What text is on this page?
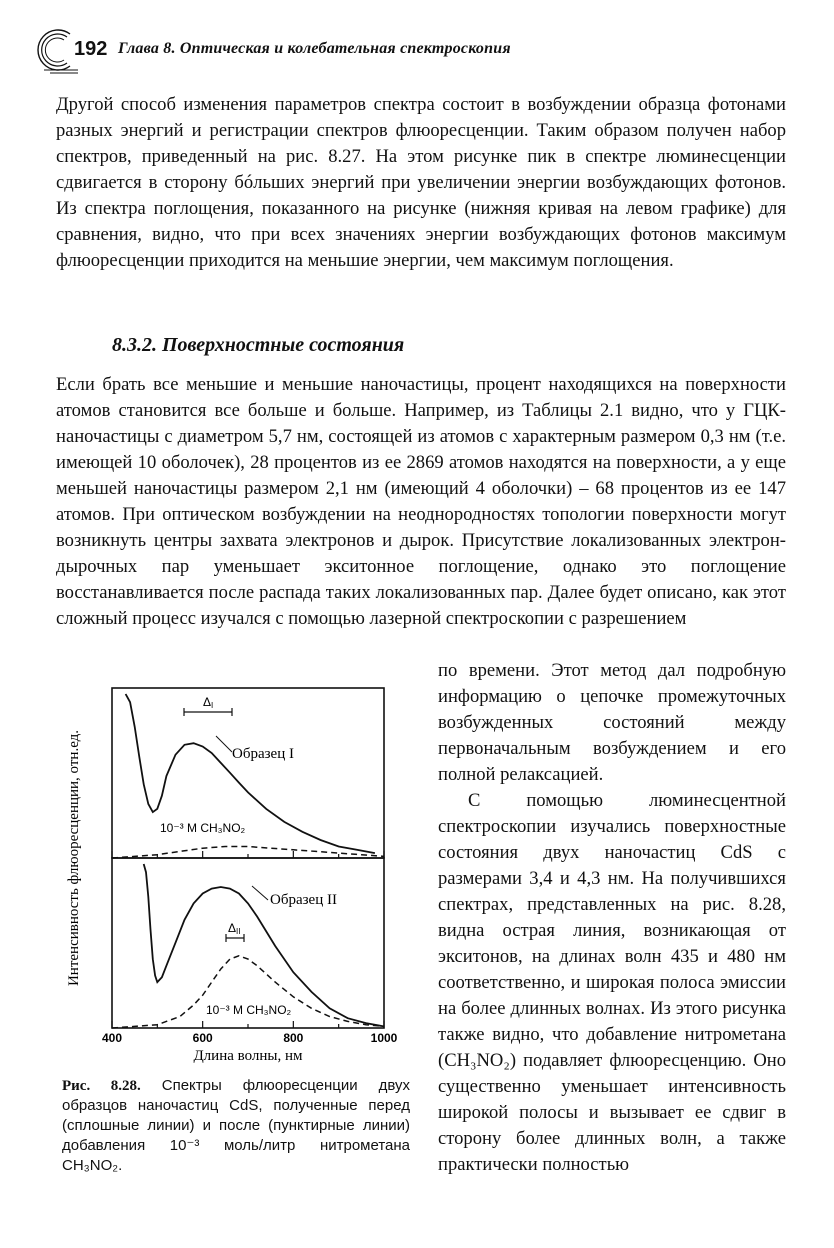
192 Глава 8. Оптическая и колебательная спектроскопия
Другой способ изменения параметров спектра состоит в возбуждении образца фотонами разных энергий и регистрации спектров флюоресценции. Таким образом получен набор спектров, приведенный на рис. 8.27. На этом рисунке пик в спектре люминесценции сдвигается в сторону бóльших энергий при увеличении энергии возбуждающих фотонов. Из спектра поглощения, показанного на рисунке (нижняя кривая на левом графике) для сравнения, видно, что при всех значениях энергии возбуждающих фотонов максимум флюоресценции приходится на меньшие энергии, чем максимум поглощения.
8.3.2. Поверхностные состояния
Если брать все меньшие и меньшие наночастицы, процент находящихся на поверхности атомов становится все больше и больше. Например, из Таблицы 2.1 видно, что у ГЦК-наночастицы с диаметром 5,7 нм, состоящей из атомов с характерным размером 0,3 нм (т.е. имеющей 10 оболочек), 28 процентов из ее 2869 атомов находятся на поверхности, а у еще меньшей наночастицы размером 2,1 нм (имеющий 4 оболочки) – 68 процентов из ее 147 атомов. При оптическом возбуждении на неоднородностях топологии поверхности могут возникнуть центры захвата электронов и дырок. Присутствие локализованных электрон-дырочных пар уменьшает экситонное поглощение, однако это поглощение восстанавливается после распада таких локализованных пар. Далее будет описано, как этот сложный процесс изучался с помощью лазерной спектроскопии с разрешением
по времени. Этот метод дал подробную информацию о цепочке промежуточных возбужденных состояний между первоначальным возбуждением и его полной релаксацией.
С помощью люминесцентной спектроскопии изучались поверхностные состояния двух наночастиц CdS с размерами 3,4 и 4,3 нм. На получившихся спектрах, представленных на рис. 8.28, видна острая линия, возникающая от экситонов, на длинах волн 435 и 480 нм соответственно, и широкая полоса эмиссии на более длинных волнах. Из этого рисунка также видно, что добавление нитрометана (CH₃NO₂) подавляет флюоресценцию. Оно существенно уменьшает интенсивность широкой полосы и вызывает ее сдвиг в сторону более длинных волн, а также практически полностью
400	600	800	1000
Интенсивность флюоресценции, отн.ед.
Длина волны, нм
Образец I
10⁻³ M CH₃NO₂
Образец II
10⁻³ M CH₃NO₂
ΔI
ΔII
Рис. 8.28. Спектры флюоресценции двух образцов наночастиц CdS, полученные перед (сплошные линии) и после (пунктирные линии) добавления 10⁻³ моль/литр нитрометана CH₃NO₂.
